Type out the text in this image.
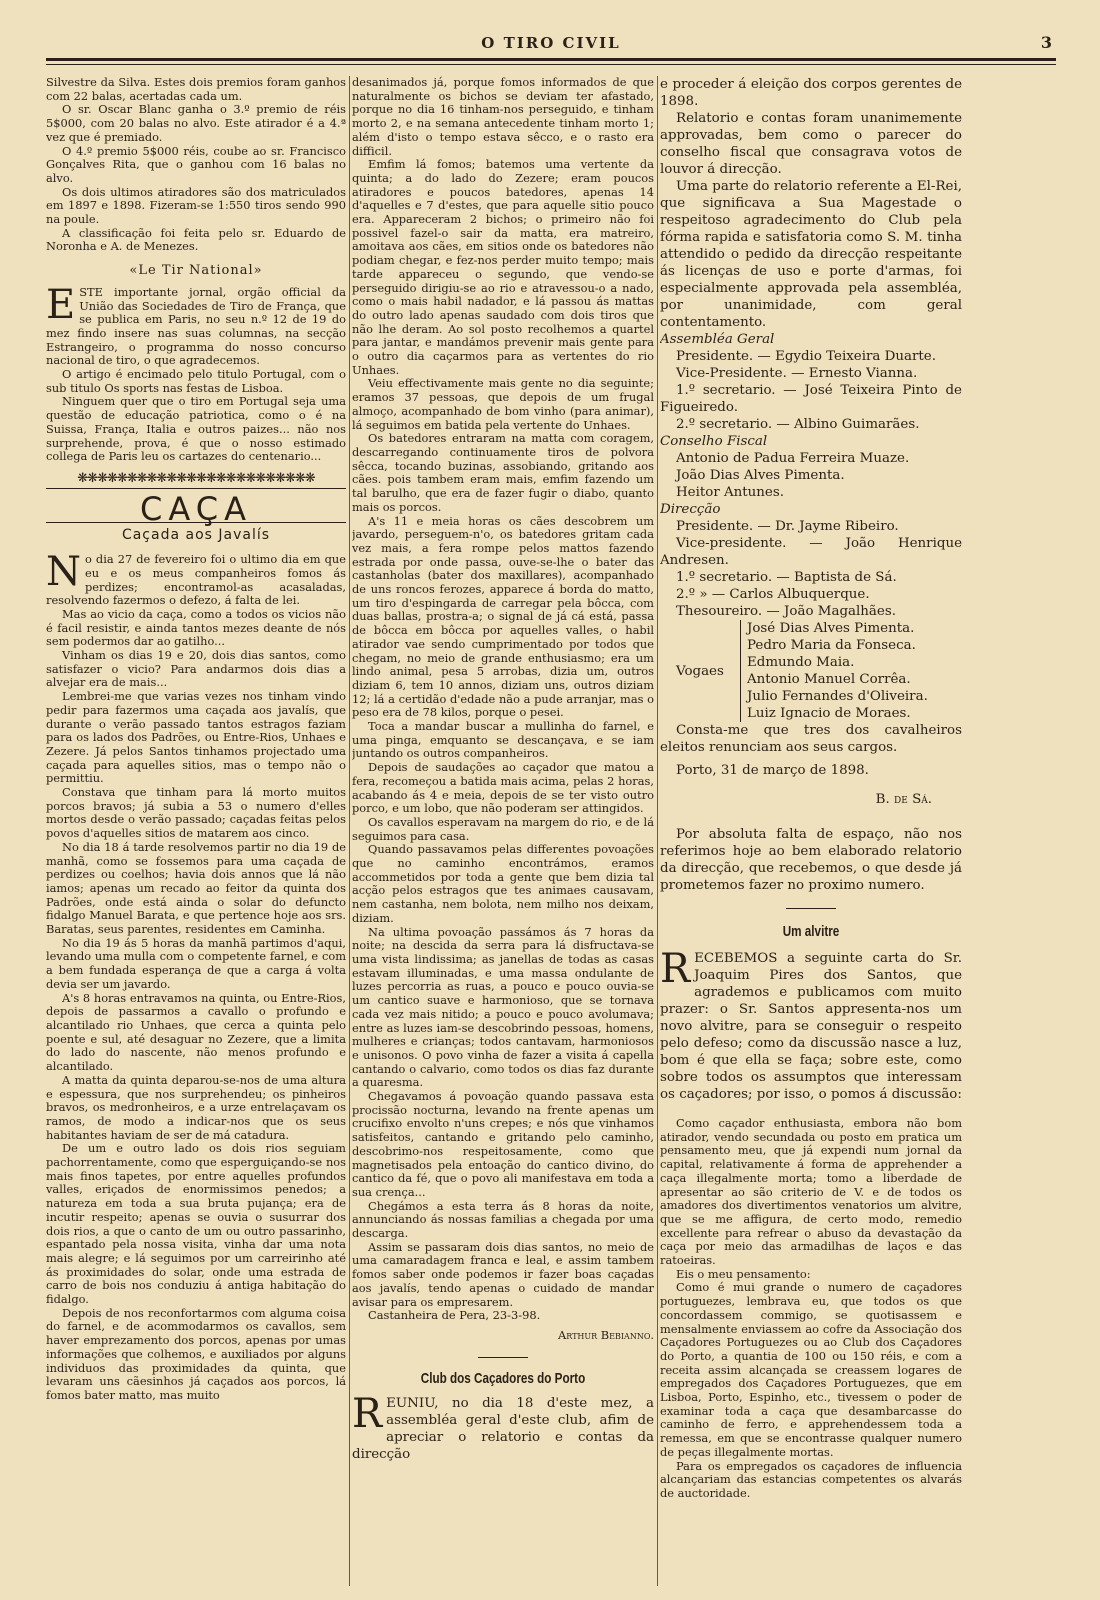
O TIRO CIVIL	3

Silvestre da Silva. Estes dois premios foram ganhos com 22 balas, acertadas cada um.

O sr. Oscar Blanc ganha o 3.º premio de réis 5$000, com 20 balas no alvo. Este atirador é a 4.ª vez que é premiado.

O 4.º premio 5$000 réis, coube ao sr. Francisco Gonçalves Rita, que o ganhou com 16 balas no alvo.

Os dois ultimos atiradores são dos matriculados em 1897 e 1898. Fizeram-se 1:550 tiros sendo 990 na poule.

A classificação foi feita pelo sr. Eduardo de Noronha e A. de Menezes.

«Le Tir National»

ESTE importante jornal, orgão official da União das Sociedades de Tiro de França, que se publica em Paris, no seu n.º 12 de 19 do mez findo insere nas suas columnas, na secção Estrangeiro, o programma do nosso concurso nacional de tiro, o que agradecemos.

O artigo é encimado pelo titulo Portugal, com o sub titulo Os sports nas festas de Lisboa.

Ninguem quer que o tiro em Portugal seja uma questão de educação patriotica, como o é na Suissa, França, Italia e outros paizes... não nos surprehende, prova, é que o nosso estimado collega de Paris leu os cartazes do centenario...

❋❋❋❋❋❋❋❋❋❋❋❋❋❋❋❋❋❋❋❋❋❋❋❋
CAÇA
Caçada aos Javalís

No dia 27 de fevereiro foi o ultimo dia em que eu e os meus companheiros fomos ás perdizes; encontramol-as acasaladas, resolvendo fazermos o defezo, á falta de lei.

Mas ao vicio da caça, como a todos os vicios não é facil resistir, e ainda tantos mezes deante de nós sem podermos dar ao gatilho...

Vinham os dias 19 e 20, dois dias santos, como satisfazer o vicio? Para andarmos dois dias a alvejar era de mais...

Lembrei-me que varias vezes nos tinham vindo pedir para fazermos uma caçada aos javalís, que durante o verão passado tantos estragos faziam para os lados dos Padrões, ou Entre-Rios, Unhaes e Zezere. Já pelos Santos tinhamos projectado uma caçada para aquelles sitios, mas o tempo não o permittiu.

Constava que tinham para lá morto muitos porcos bravos; já subia a 53 o numero d'elles mortos desde o verão passado; caçadas feitas pelos povos d'aquelles sitios de matarem aos cinco.

No dia 18 á tarde resolvemos partir no dia 19 de manhã, como se fossemos para uma caçada de perdizes ou coelhos; havia dois annos que lá não iamos; apenas um recado ao feitor da quinta dos Padrões, onde está ainda o solar do defuncto fidalgo Manuel Barata, e que pertence hoje aos srs. Baratas, seus parentes, residentes em Caminha.

No dia 19 ás 5 horas da manhã partimos d'aqui, levando uma mulla com o competente farnel, e com a bem fundada esperança de que a carga á volta devia ser um javardo.

A's 8 horas entravamos na quinta, ou Entre-Rios, depois de passarmos a cavallo o profundo e alcantilado rio Unhaes, que cerca a quinta pelo poente e sul, até desaguar no Zezere, que a limita do lado do nascente, não menos profundo e alcantilado.

A matta da quinta deparou-se-nos de uma altura e espessura, que nos surprehendeu; os pinheiros bravos, os medronheiros, e a urze entrelaçavam os ramos, de modo a indicar-nos que os seus habitantes haviam de ser de má catadura.

De um e outro lado os dois rios seguiam pachorrentamente, como que esperguiçando-se nos mais finos tapetes, por entre aquelles profundos valles, eriçados de enormissimos penedos; a natureza em toda a sua bruta pujança; era de incutir respeito; apenas se ouvia o susurrar dos dois rios, a que o canto de um ou outro passarinho, espantado pela nossa visita, vinha dar uma nota mais alegre; e lá seguimos por um carreirinho até ás proximidades do solar, onde uma estrada de carro de bois nos conduziu á antiga habitação do fidalgo.

Depois de nos reconfortarmos com alguma coisa do farnel, e de acommodarmos os cavallos, sem haver emprezamento dos porcos, apenas por umas informações que colhemos, e auxiliados por alguns individuos das proximidades da quinta, que levaram uns cãesinhos já caçados aos porcos, lá fomos bater matto, mas muito

desanimados já, porque fomos informados de que naturalmente os bichos se deviam ter afastado, porque no dia 16 tinham-nos perseguido, e tinham morto 2, e na semana antecedente tinham morto 1; além d'isto o tempo estava sêcco, e o rasto era difficil.

Emfim lá fomos; batemos uma vertente da quinta; a do lado do Zezere; eram poucos atiradores e poucos batedores, apenas 14 d'aquelles e 7 d'estes, que para aquelle sitio pouco era. Appareceram 2 bichos; o primeiro não foi possivel fazel-o sair da matta, era matreiro, amoitava aos cães, em sitios onde os batedores não podiam chegar, e fez-nos perder muito tempo; mais tarde appareceu o segundo, que vendo-se perseguido dirigiu-se ao rio e atravessou-o a nado, como o mais habil nadador, e lá passou ás mattas do outro lado apenas saudado com dois tiros que não lhe deram. Ao sol posto recolhemos a quartel para jantar, e mandámos prevenir mais gente para o outro dia caçarmos para as vertentes do rio Unhaes.

Veiu effectivamente mais gente no dia seguinte; eramos 37 pessoas, que depois de um frugal almoço, acompanhado de bom vinho (para animar), lá seguimos em batida pela vertente do Unhaes.

Os batedores entraram na matta com coragem, descarregando continuamente tiros de polvora sêcca, tocando buzinas, assobiando, gritando aos cães. pois tambem eram mais, emfim fazendo um tal barulho, que era de fazer fugir o diabo, quanto mais os porcos.

A's 11 e meia horas os cães descobrem um javardo, perseguem-n'o, os batedores gritam cada vez mais, a fera rompe pelos mattos fazendo estrada por onde passa, ouve-se-lhe o bater das castanholas (bater dos maxillares), acompanhado de uns roncos ferozes, apparece á borda do matto, um tiro d'espingarda de carregar pela bôcca, com duas ballas, prostra-a; o signal de já cá está, passa de bôcca em bôcca por aquelles valles, o habil atirador vae sendo cumprimentado por todos que chegam, no meio de grande enthusiasmo; era um lindo animal, pesa 5 arrobas, dizia um, outros diziam 6, tem 10 annos, diziam uns, outros diziam 12; lá a certidão d'edade não a pude arranjar, mas o peso era de 78 kilos, porque o pesei.

Toca a mandar buscar a mullinha do farnel, e uma pinga, emquanto se descançava, e se iam juntando os outros companheiros.

Depois de saudações ao caçador que matou a fera, recomeçou a batida mais acima, pelas 2 horas, acabando ás 4 e meia, depois de se ter visto outro porco, e um lobo, que não poderam ser attingidos.

Os cavallos esperavam na margem do rio, e de lá seguimos para casa.

Quando passavamos pelas differentes povoações que no caminho encontrámos, eramos accommetidos por toda a gente que bem dizia tal acção pelos estragos que tes animaes causavam, nem castanha, nem bolota, nem milho nos deixam, diziam.

Na ultima povoação passámos ás 7 horas da noite; na descida da serra para lá disfructava-se uma vista lindissima; as janellas de todas as casas estavam illuminadas, e uma massa ondulante de luzes percorria as ruas, a pouco e pouco ouvia-se um cantico suave e harmonioso, que se tornava cada vez mais nitido; a pouco e pouco avolumava; entre as luzes iam-se descobrindo pessoas, homens, mulheres e crianças; todos cantavam, harmoniosos e unisonos. O povo vinha de fazer a visita á capella cantando o calvario, como todos os dias faz durante a quaresma.

Chegavamos á povoação quando passava esta procissão nocturna, levando na frente apenas um crucifixo envolto n'uns crepes; e nós que vinhamos satisfeitos, cantando e gritando pelo caminho, descobrimo-nos respeitosamente, como que magnetisados pela entoação do cantico divino, do cantico da fé, que o povo ali manifestava em toda a sua crença...

Chegámos a esta terra ás 8 horas da noite, annunciando ás nossas familias a chegada por uma descarga.

Assim se passaram dois dias santos, no meio de uma camaradagem franca e leal, e assim tambem fomos saber onde podemos ir fazer boas caçadas aos javalís, tendo apenas o cuidado de mandar avisar para os empresarem.

Castanheira de Pera, 23-3-98.

Arthur Bebianno.
Club dos Caçadores do Porto

REUNIU, no dia 18 d'este mez, a assembléa geral d'este club, afim de apreciar o relatorio e contas da direcção

e proceder á eleição dos corpos gerentes de 1898.

Relatorio e contas foram unanimemente approvadas, bem como o parecer do conselho fiscal que consagrava votos de louvor á direcção.

Uma parte do relatorio referente a El-Rei, que significava a Sua Magestade o respeitoso agradecimento do Club pela fórma rapida e satisfatoria como S. M. tinha attendido o pedido da direcção respeitante ás licenças de uso e porte d'armas, foi especialmente approvada pela assembléa, por unanimidade, com geral contentamento.

Assembléa Geral

Presidente. — Egydio Teixeira Duarte.

Vice-Presidente. — Ernesto Vianna.

1.º secretario. — José Teixeira Pinto de Figueiredo.

2.º secretario. — Albino Guimarães.

Conselho Fiscal

Antonio de Padua Ferreira Muaze.

João Dias Alves Pimenta.

Heitor Antunes.

Direcção

Presidente. — Dr. Jayme Ribeiro.

Vice-presidente. — João Henrique Andresen.

1.º secretario. — Baptista de Sá.

2.º » — Carlos Albuquerque.

Thesoureiro. — João Magalhães.

Vogaes
José Dias Alves Pimenta.
Pedro Maria da Fonseca.
Edmundo Maia.
Antonio Manuel Corrêa.
Julio Fernandes d'Oliveira.
Luiz Ignacio de Moraes.

Consta-me que tres dos cavalheiros eleitos renunciam aos seus cargos.

Porto, 31 de março de 1898.

B. de Sá.

Por absoluta falta de espaço, não nos referimos hoje ao bem elaborado relatorio da direcção, que recebemos, o que desde já prometemos fazer no proximo numero.

Um alvitre

RECEBEMOS a seguinte carta do Sr. Joaquim Pires dos Santos, que agrademos e publicamos com muito prazer: o Sr. Santos appresenta-nos um novo alvitre, para se conseguir o respeito pelo defeso; como da discussão nasce a luz, bom é que ella se faça; sobre este, como sobre todos os assumptos que interessam os caçadores; por isso, o pomos á discussão:

Como caçador enthusiasta, embora não bom atirador, vendo secundada ou posto em pratica um pensamento meu, que já expendi num jornal da capital, relativamente á forma de apprehender a caça illegalmente morta; tomo a liberdade de apresentar ao são criterio de V. e de todos os amadores dos divertimentos venatorios um alvitre, que se me affigura, de certo modo, remedio excellente para refrear o abuso da devastação da caça por meio das armadilhas de laços e das ratoeiras.

Eis o meu pensamento:

Como é mui grande o numero de caçadores portuguezes, lembrava eu, que todos os que concordassem commigo, se quotisassem e mensalmente enviassem ao cofre da Associação dos Caçadores Portuguezes ou ao Club dos Caçadores do Porto, a quantia de 100 ou 150 réis, e com a receita assim alcançada se creassem logares de empregados dos Caçadores Portuguezes, que em Lisboa, Porto, Espinho, etc., tivessem o poder de examinar toda a caça que desambarcasse do caminho de ferro, e apprehendessem toda a remessa, em que se encontrasse qualquer numero de peças illegalmente mortas.

Para os empregados os caçadores de influencia alcançariam das estancias competentes os alvarás de auctoridade.
